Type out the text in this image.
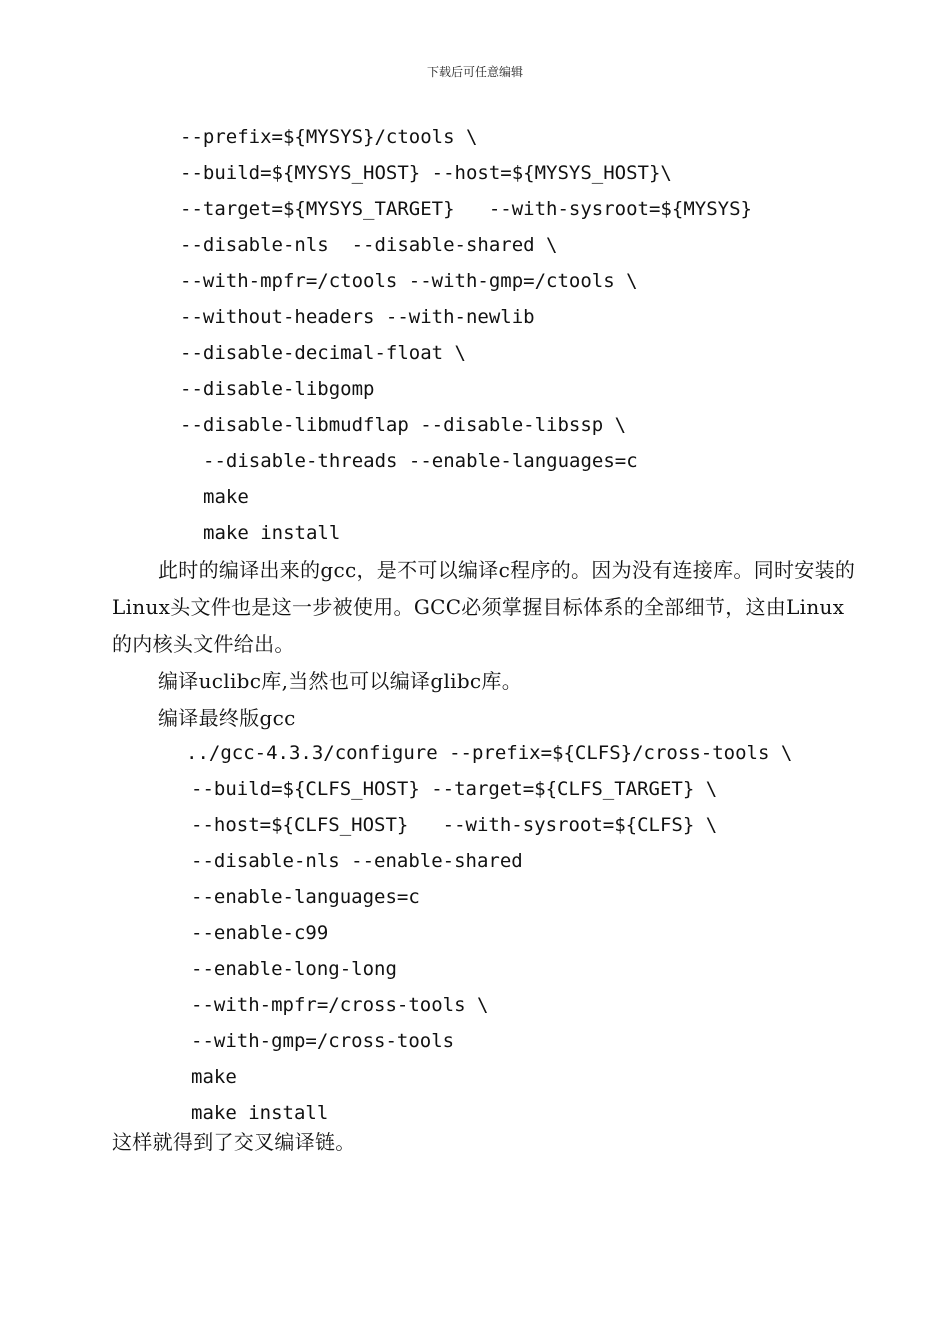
下载后可任意编辑
--prefix=${MYSYS}/ctools \
--build=${MYSYS_HOST} --host=${MYSYS_HOST}\
--target=${MYSYS_TARGET}   --with-sysroot=${MYSYS}
--disable-nls  --disable-shared \
--with-mpfr=/ctools --with-gmp=/ctools \
--without-headers --with-newlib
--disable-decimal-float \
--disable-libgomp
--disable-libmudflap --disable-libssp \
--disable-threads --enable-languages=c
make
make install

此时的编译出来的gcc，是不可以编译c程序的。因为没有连接库。同时安装的Linux头文件也是这一步被使用。GCC必须掌握目标体系的全部细节，这由Linux的内核头文件给出。

编译uclibc库,当然也可以编译glibc库。

编译最终版gcc

../gcc-4.3.3/configure --prefix=${CLFS}/cross-tools \
--build=${CLFS_HOST} --target=${CLFS_TARGET} \
--host=${CLFS_HOST}   --with-sysroot=${CLFS} \
--disable-nls --enable-shared
--enable-languages=c
--enable-c99
--enable-long-long
--with-mpfr=/cross-tools \
--with-gmp=/cross-tools
make
make install

这样就得到了交叉编译链。
